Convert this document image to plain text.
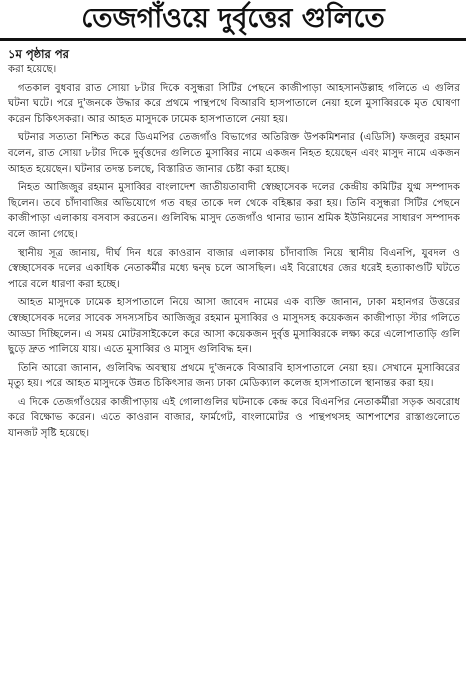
তেজগাঁওয়ে দুর্বৃত্তের গুলিতে
১ম পৃষ্ঠার পর

করা হয়েছে।

গতকাল বুধবার রাত সোয়া ৮টার দিকে বসুন্ধরা সিটির পেছনে কাজীপাড়া আহসানউল্লাহ গলিতে এ গুলির ঘটনা ঘটে। পরে দু'জনকে উদ্ধার করে প্রথমে পান্থপথে বিআরবি হাসপাতালে নেয়া হলে মুসাব্বিরকে মৃত ঘোষণা করেন চিকিৎসকরা। আর আহত মাসুদকে ঢামেক হাসপাতালে নেয়া হয়।

ঘটনার সত্যতা নিশ্চিত করে ডিএমপির তেজগাঁও বিভাগের অতিরিক্ত উপকমিশনার (এডিসি) ফজলুর রহমান বলেন, রাত সোয়া ৮টার দিকে দুর্বৃত্তদের গুলিতে মুসাব্বির নামে একজন নিহত হয়েছেন এবং মাসুদ নামে একজন আহত হয়েছেন। ঘটনার তদন্ত চলছে, বিস্তারিত জানার চেষ্টা করা হচ্ছে।

নিহত আজিজুর রহমান মুসাব্বির বাংলাদেশ জাতীয়তাবাদী স্বেচ্ছাসেবক দলের কেন্দ্রীয় কমিটির যুগ্ম সম্পাদক ছিলেন। তবে চাঁদাবাজির অভিযোগে গত বছর তাকে দল থেকে বহিষ্কার করা হয়। তিনি বসুন্ধরা সিটির পেছনে কাজীপাড়া এলাকায় বসবাস করতেন। গুলিবিদ্ধ মাসুদ তেজগাঁও থানার ভ্যান শ্রমিক ইউনিয়নের সাধারণ সম্পাদক বলে জানা গেছে।

স্থানীয় সূত্র জানায়, দীর্ঘ দিন ধরে কাওরান বাজার এলাকায় চাঁদাবাজি নিয়ে স্থানীয় বিএনপি, যুবদল ও স্বেচ্ছাসেবক দলের একাধিক নেতাকর্মীর মধ্যে দ্বন্দ্ব চলে আসছিল। এই বিরোধের জের ধরেই হত্যাকাণ্ডটি ঘটতে পারে বলে ধারণা করা হচ্ছে।

আহত মাসুদকে ঢামেক হাসপাতালে নিয়ে আসা জাবেদ নামের এক ব্যক্তি জানান, ঢাকা মহানগর উত্তরের স্বেচ্ছাসেবক দলের সাবেক সদস্যসচিব আজিজুর রহমান মুসাব্বির ও মাসুদসহ কয়েকজন কাজীপাড়া স্টার গলিতে আড্ডা দিচ্ছিলেন। এ সময় মোটরসাইকেলে করে আসা কয়েকজন দুর্বৃত্ত মুসাব্বিরকে লক্ষ্য করে এলোপাতাড়ি গুলি ছুড়ে দ্রুত পালিয়ে যায়। এতে মুসাব্বির ও মাসুদ গুলিবিদ্ধ হন।

তিনি আরো জানান, গুলিবিদ্ধ অবস্থায় প্রথমে দু'জনকে বিআরবি হাসপাতালে নেয়া হয়। সেখানে মুসাব্বিরের মৃত্যু হয়। পরে আহত মাসুদকে উন্নত চিকিৎসার জন্য ঢাকা মেডিক্যাল কলেজ হাসপাতালে স্থানান্তর করা হয়।

এ দিকে তেজগাঁওয়ের কাজীপাড়ায় এই গোলাগুলির ঘটনাকে কেন্দ্র করে বিএনপির নেতাকর্মীরা সড়ক অবরোধ করে বিক্ষোভ করেন। এতে কাওরান বাজার, ফার্মগেট, বাংলামোটর ও পান্থপথসহ আশপাশের রাস্তাগুলোতে যানজট সৃষ্টি হয়েছে।
